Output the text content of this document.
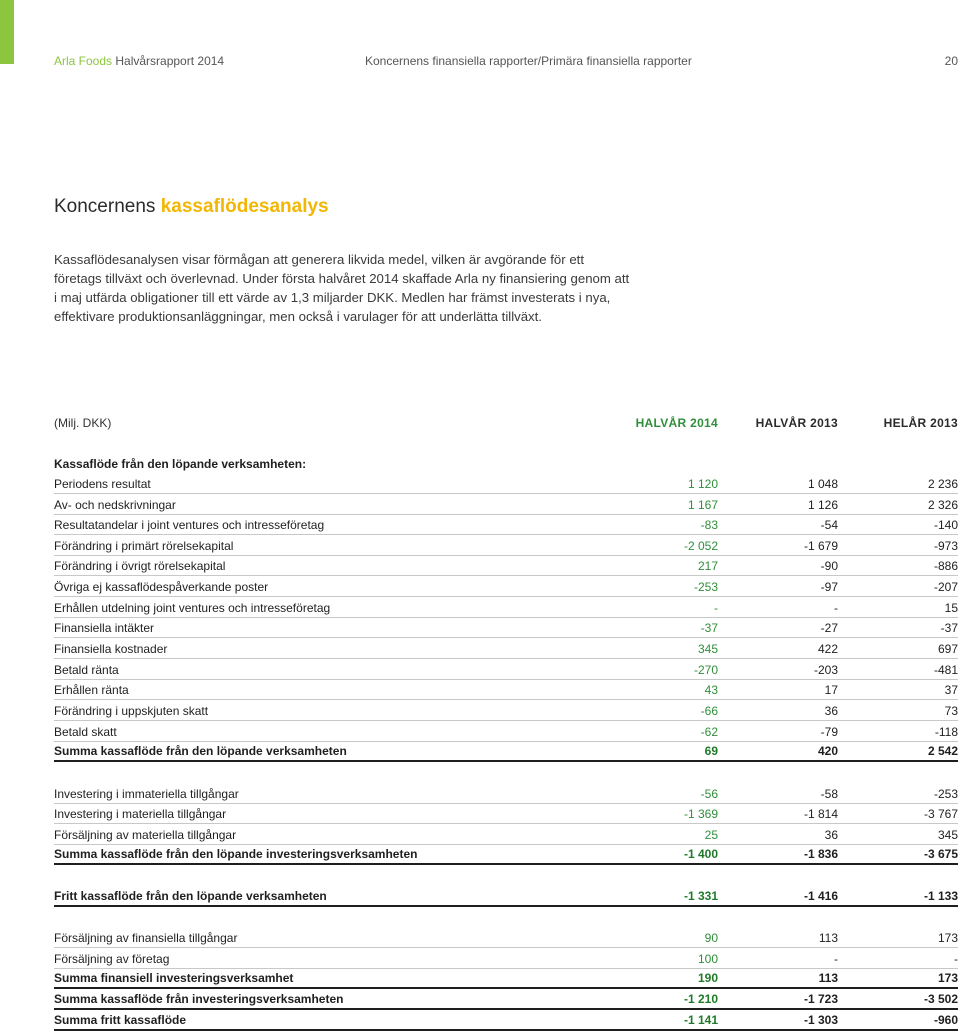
Arla Foods Halvårsrapport 2014	Koncernens finansiella rapporter/Primära finansiella rapporter	20
Koncernens kassaflödesanalys
Kassaflödesanalysen visar förmågan att generera likvida medel, vilken är avgörande för ett företags tillväxt och överlevnad. Under första halvåret 2014 skaffade Arla ny finansiering genom att i maj utfärda obligationer till ett värde av 1,3 miljarder DKK. Medlen har främst investerats i nya, effektivare produktionsanläggningar, men också i varulager för att underlätta tillväxt.
(Milj. DKK)	HALVÅR 2014	HALVÅR 2013	HELÅR 2013
Kassaflöde från den löpande verksamheten:
Periodens resultat	1 120	1 048	2 236
Av- och nedskrivningar	1 167	1 126	2 326
Resultatandelar i joint ventures och intresseföretag	-83	-54	-140
Förändring i primärt rörelsekapital	-2 052	-1 679	-973
Förändring i övrigt rörelsekapital	217	-90	-886
Övriga ej kassaflödespåverkande poster	-253	-97	-207
Erhållen utdelning joint ventures och intresseföretag	-	-	15
Finansiella intäkter	-37	-27	-37
Finansiella kostnader	345	422	697
Betald ränta	-270	-203	-481
Erhållen ränta	43	17	37
Förändring i uppskjuten skatt	-66	36	73
Betald skatt	-62	-79	-118
Summa kassaflöde från den löpande verksamheten	69	420	2 542
Investering i immateriella tillgångar	-56	-58	-253
Investering i materiella tillgångar	-1 369	-1 814	-3 767
Försäljning av materiella tillgångar	25	36	345
Summa kassaflöde från den löpande investeringsverksamheten	-1 400	-1 836	-3 675
Fritt kassaflöde från den löpande verksamheten	-1 331	-1 416	-1 133
Försäljning av finansiella tillgångar	90	113	173
Försäljning av företag	100	-	-
Summa finansiell investeringsverksamhet	190	113	173
Summa kassaflöde från investeringsverksamheten	-1 210	-1 723	-3 502
Summa fritt kassaflöde	-1 141	-1 303	-960
